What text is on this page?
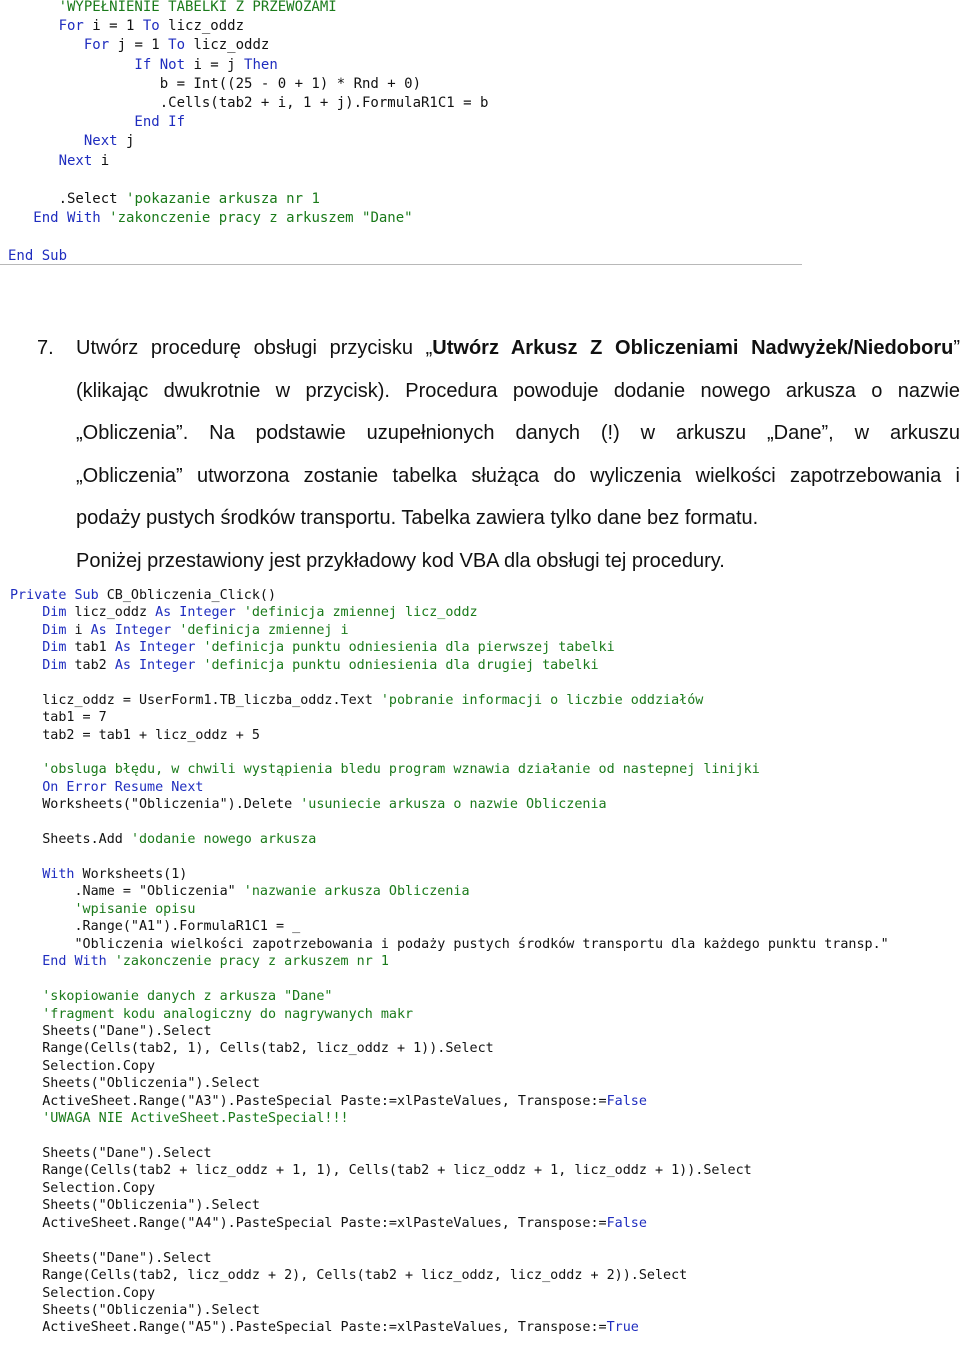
'WYPEŁNIENIE TABELKI Z PRZEWOZAMI
For i = 1 To licz_oddz
For j = 1 To licz_oddz
If Not i = j Then
b = Int((25 - 0 + 1) * Rnd + 0)
.Cells(tab2 + i, 1 + j).FormulaR1C1 = b
End If
Next j
Next i
.Select 'pokazanie arkusza nr 1
End With 'zakonczenie pracy z arkuszem "Dane"
End Sub
7. Utwórz procedurę obsługi przycisku „Utwórz Arkusz Z Obliczeniami Nadwyżek/Niedoboru”

(klikając dwukrotnie w przycisk). Procedura powoduje dodanie nowego arkusza o nazwie

„Obliczenia”. Na podstawie uzupełnionych danych (!) w arkuszu „Dane”, w arkuszu

„Obliczenia” utworzona zostanie tabelka służąca do wyliczenia wielkości zapotrzebowania i

podaży pustych środków transportu. Tabelka zawiera tylko dane bez formatu.

Poniżej przestawiony jest przykładowy kod VBA dla obsługi tej procedury.

Private Sub CB_Obliczenia_Click()
Dim licz_oddz As Integer 'definicja zmiennej licz_oddz
Dim i As Integer 'definicja zmiennej i
Dim tab1 As Integer 'definicja punktu odniesienia dla pierwszej tabelki
Dim tab2 As Integer 'definicja punktu odniesienia dla drugiej tabelki
licz_oddz = UserForm1.TB_liczba_oddz.Text 'pobranie informacji o liczbie oddziałów
tab1 = 7
tab2 = tab1 + licz_oddz + 5
'obsluga błędu, w chwili wystąpienia bledu program wznawia działanie od nastepnej linijki
On Error Resume Next
Worksheets("Obliczenia").Delete 'usuniecie arkusza o nazwie Obliczenia
Sheets.Add 'dodanie nowego arkusza
With Worksheets(1)
.Name = "Obliczenia" 'nazwanie arkusza Obliczenia
'wpisanie opisu
.Range("A1").FormulaR1C1 = _
"Obliczenia wielkości zapotrzebowania i podaży pustych środków transportu dla każdego punktu transp."
End With 'zakonczenie pracy z arkuszem nr 1
'skopiowanie danych z arkusza "Dane"
'fragment kodu analogiczny do nagrywanych makr
Sheets("Dane").Select
Range(Cells(tab2, 1), Cells(tab2, licz_oddz + 1)).Select
Selection.Copy
Sheets("Obliczenia").Select
ActiveSheet.Range("A3").PasteSpecial Paste:=xlPasteValues, Transpose:=False
'UWAGA NIE ActiveSheet.PasteSpecial!!!
Sheets("Dane").Select
Range(Cells(tab2 + licz_oddz + 1, 1), Cells(tab2 + licz_oddz + 1, licz_oddz + 1)).Select
Selection.Copy
Sheets("Obliczenia").Select
ActiveSheet.Range("A4").PasteSpecial Paste:=xlPasteValues, Transpose:=False
Sheets("Dane").Select
Range(Cells(tab2, licz_oddz + 2), Cells(tab2 + licz_oddz, licz_oddz + 2)).Select
Selection.Copy
Sheets("Obliczenia").Select
ActiveSheet.Range("A5").PasteSpecial Paste:=xlPasteValues, Transpose:=True
